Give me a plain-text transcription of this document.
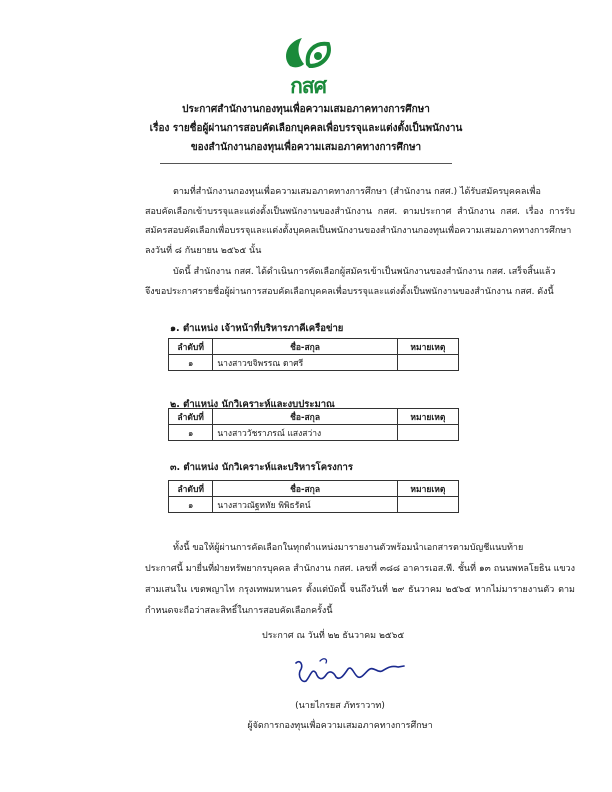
กสศ
ประกาศสำนักงานกองทุนเพื่อความเสมอภาคทางการศึกษา
เรื่อง รายชื่อผู้ผ่านการสอบคัดเลือกบุคคลเพื่อบรรจุและแต่งตั้งเป็นพนักงาน
ของสำนักงานกองทุนเพื่อความเสมอภาคทางการศึกษา
ตามที่สำนักงานกองทุนเพื่อความเสมอภาคทางการศึกษา (สำนักงาน กสศ.) ได้รับสมัครบุคคลเพื่อ
สอบคัดเลือกเข้าบรรจุและแต่งตั้งเป็นพนักงานของสำนักงาน กสศ. ตามประกาศ สำนักงาน กสศ. เรื่อง การรับสมัครสอบคัดเลือกเพื่อบรรจุและแต่งตั้งบุคคลเป็นพนักงานของสำนักงานกองทุนเพื่อความเสมอภาคทางการศึกษา ลงวันที่ ๘ กันยายน ๒๕๖๕ นั้น
บัดนี้ สำนักงาน กสศ. ได้ดำเนินการคัดเลือกผู้สมัครเข้าเป็นพนักงานของสำนักงาน กสศ. เสร็จสิ้นแล้ว
จึงขอประกาศรายชื่อผู้ผ่านการสอบคัดเลือกบุคคลเพื่อบรรจุและแต่งตั้งเป็นพนักงานของสำนักงาน กสศ. ดังนี้
๑. ตำแหน่ง เจ้าหน้าที่บริหารภาคีเครือข่าย
ลำดับที่	ชื่อ-สกุล	หมายเหตุ
๑	นางสาวขจิพรรณ ดาศรี	
๒. ตำแหน่ง นักวิเคราะห์และงบประมาณ
ลำดับที่	ชื่อ-สกุล	หมายเหตุ
๑	นางสาววัชราภรณ์ แสงสว่าง	
๓. ตำแหน่ง นักวิเคราะห์และบริหารโครงการ
ลำดับที่	ชื่อ-สกุล	หมายเหตุ
๑	นางสาวณัฐหทัย พิพิธรัตน์	
ทั้งนี้ ขอให้ผู้ผ่านการคัดเลือกในทุกตำแหน่งมารายงานตัวพร้อมนำเอกสารตามบัญชีแนบท้าย
ประกาศนี้ มายื่นที่ฝ่ายทรัพยากรบุคคล สำนักงาน กสศ. เลขที่ ๓๘๘ อาคารเอส.พี. ชั้นที่ ๑๓ ถนนพหลโยธิน แขวงสามเสนใน เขตพญาไท กรุงเทพมหานคร ตั้งแต่บัดนี้ จนถึงวันที่ ๒๙ ธันวาคม ๒๕๖๕ หากไม่มารายงานตัว ตามกำหนดจะถือว่าสละสิทธิ์ในการสอบคัดเลือกครั้งนี้
ประกาศ ณ วันที่ ๒๒ ธันวาคม ๒๕๖๕
(นายไกรยส ภัทราวาท)
ผู้จัดการกองทุนเพื่อความเสมอภาคทางการศึกษา
